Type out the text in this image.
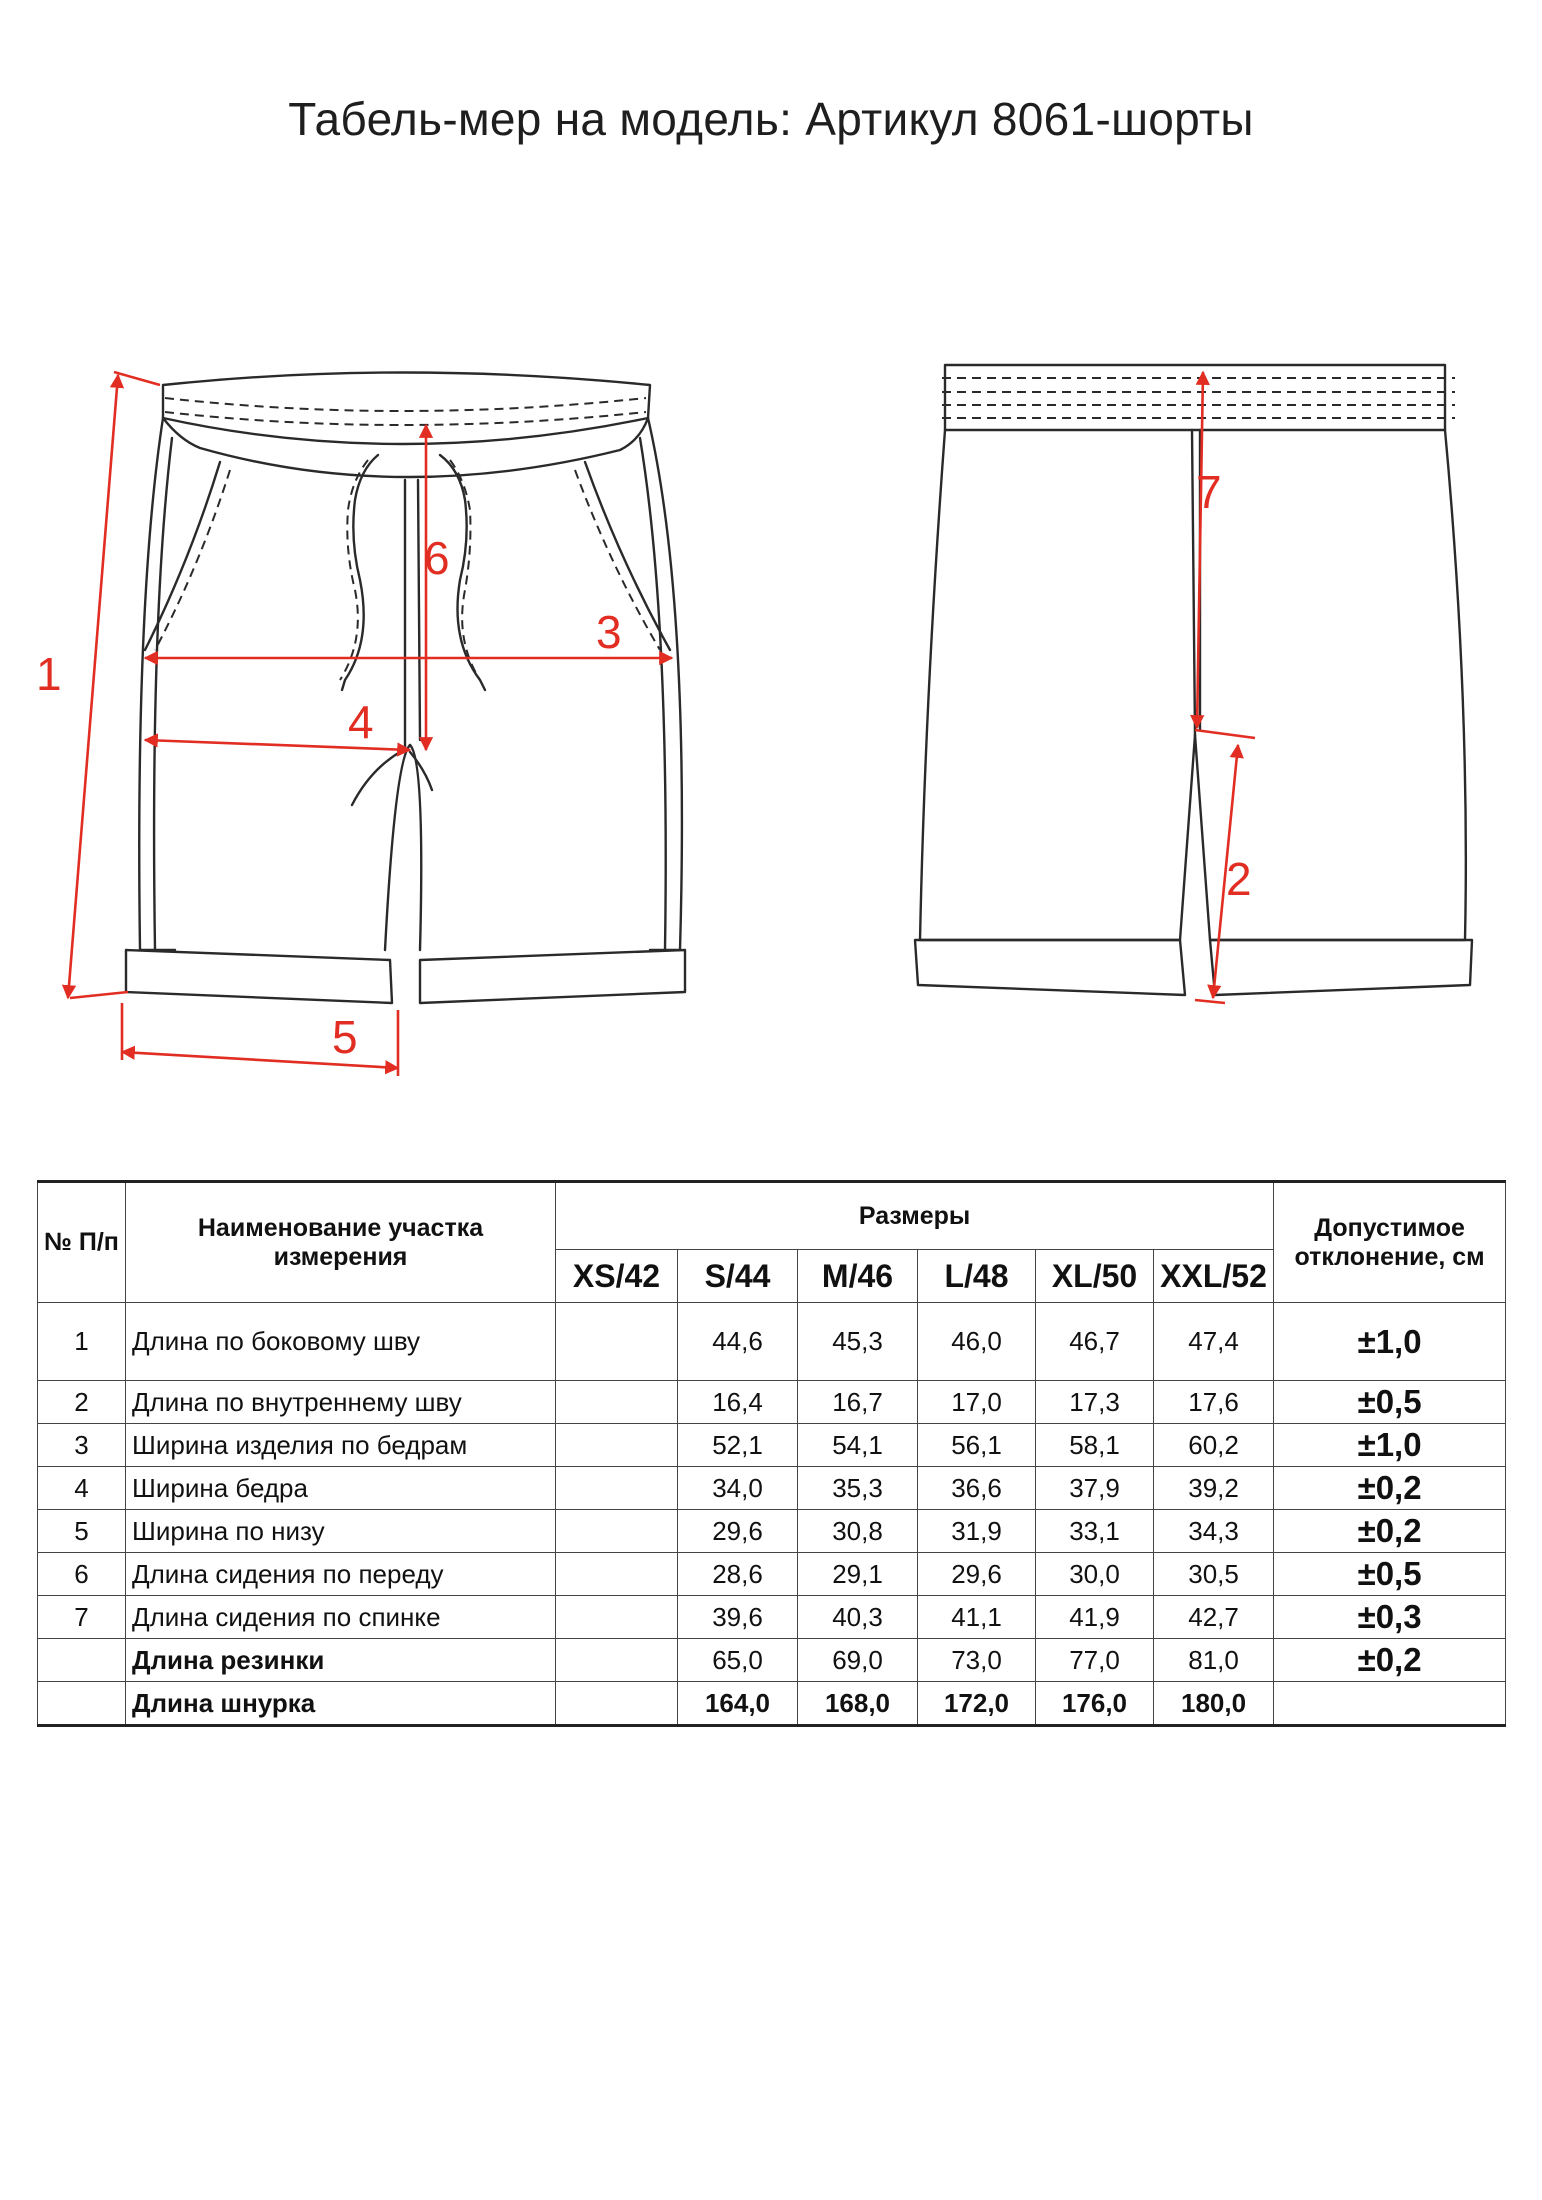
Табель-мер на модель: Артикул 8061-шорты
1
2
3
4
5
6
7
№ П/п	Наименование участка измерения	Размеры						Допустимое отклонение, см
		XS/42	S/44	M/46	L/48	XL/50	XXL/52	
1	Длина по боковому шву		44,6	45,3	46,0	46,7	47,4	±1,0
2	Длина по внутреннему шву		16,4	16,7	17,0	17,3	17,6	±0,5
3	Ширина изделия по бедрам		52,1	54,1	56,1	58,1	60,2	±1,0
4	Ширина бедра		34,0	35,3	36,6	37,9	39,2	±0,2
5	Ширина по низу		29,6	30,8	31,9	33,1	34,3	±0,2
6	Длина сидения по переду		28,6	29,1	29,6	30,0	30,5	±0,5
7	Длина сидения по спинке		39,6	40,3	41,1	41,9	42,7	±0,3
	Длина резинки		65,0	69,0	73,0	77,0	81,0	±0,2
	Длина шнурка		164,0	168,0	172,0	176,0	180,0	
